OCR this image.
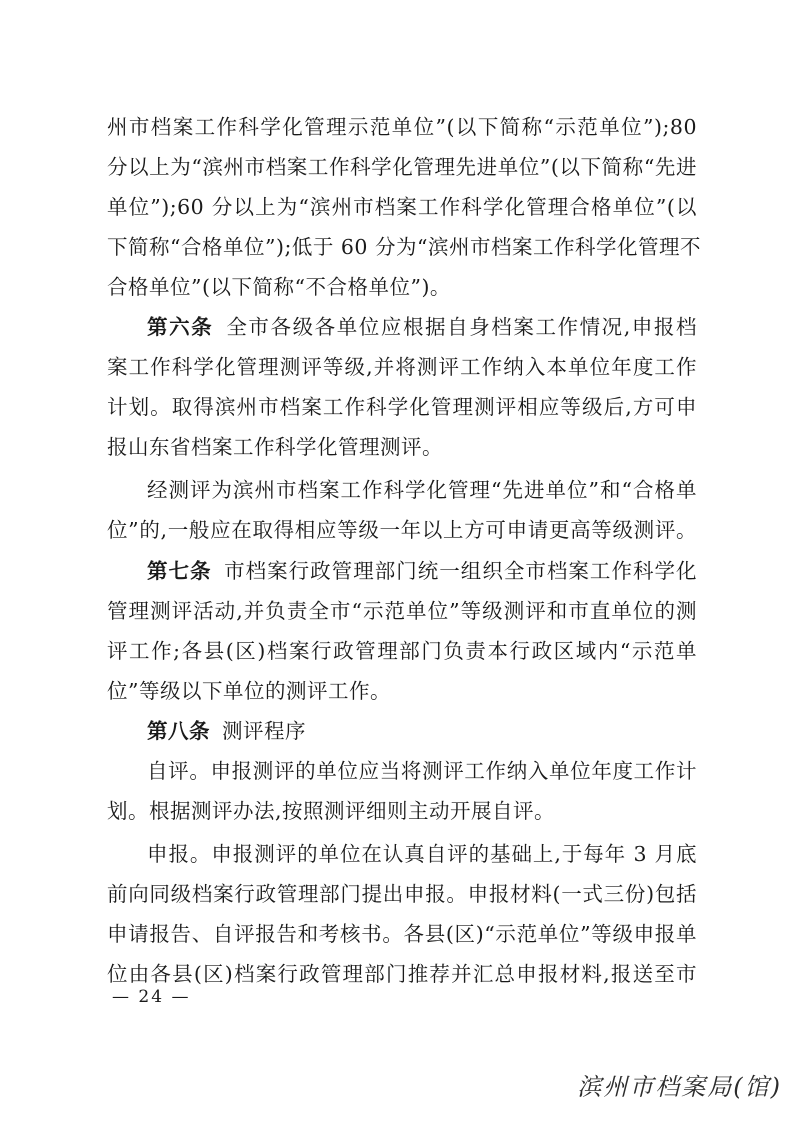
州市档案工作科学化管理示范单位”(以下简称“示范单位”);80
分以上为“滨州市档案工作科学化管理先进单位”(以下简称“先进
单位”);60 分以上为“滨州市档案工作科学化管理合格单位”(以
下简称“合格单位”);低于 60 分为“滨州市档案工作科学化管理不
合格单位”(以下简称“不合格单位”)。
第六条 全市各级各单位应根据自身档案工作情况,申报档
案工作科学化管理测评等级,并将测评工作纳入本单位年度工作
计划。取得滨州市档案工作科学化管理测评相应等级后,方可申
报山东省档案工作科学化管理测评。
经测评为滨州市档案工作科学化管理“先进单位”和“合格单
位”的,一般应在取得相应等级一年以上方可申请更高等级测评。
第七条 市档案行政管理部门统一组织全市档案工作科学化
管理测评活动,并负责全市“示范单位”等级测评和市直单位的测
评工作;各县(区)档案行政管理部门负责本行政区域内“示范单
位”等级以下单位的测评工作。
第八条 测评程序
自评。申报测评的单位应当将测评工作纳入单位年度工作计
划。根据测评办法,按照测评细则主动开展自评。
申报。申报测评的单位在认真自评的基础上,于每年 3 月底
前向同级档案行政管理部门提出申报。申报材料(一式三份)包括
申请报告、自评报告和考核书。各县(区)“示范单位”等级申报单
位由各县(区)档案行政管理部门推荐并汇总申报材料,报送至市
— 24 —
滨州市档案局(馆)
